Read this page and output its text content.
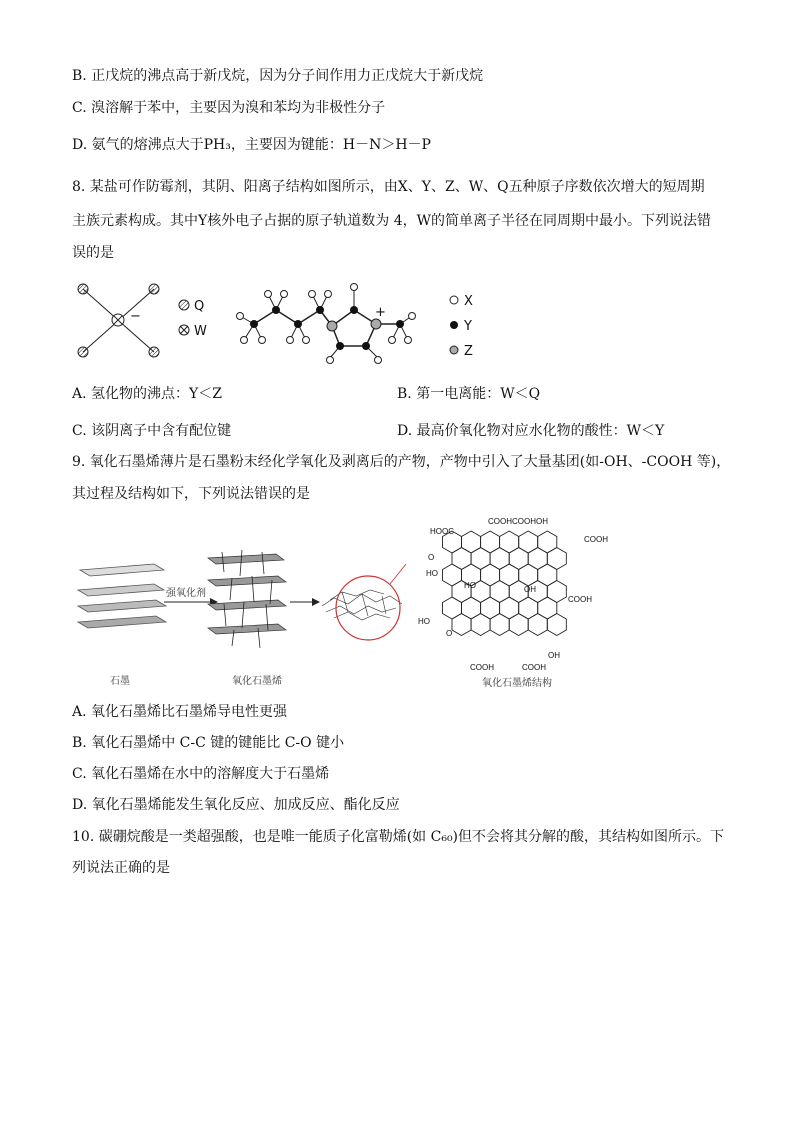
B. 正戊烷的沸点高于新戊烷，因为分子间作用力正戊烷大于新戊烷
C. 溴溶解于苯中，主要因为溴和苯均为非极性分子
D. 氨气的熔沸点大于PH₃，主要因为键能：H－N＞H－P
8. 某盐可作防霉剂，其阴、阳离子结构如图所示，由X、Y、Z、W、Q五种原子序数依次增大的短周期
主族元素构成。其中Y核外电子占据的原子轨道数为 4，W的简单离子半径在同周期中最小。下列说法错
误的是
−
Q
W
+
X
Y
Z
A. 氢化物的沸点：Y＜Z	B. 第一电离能：W＜Q
C. 该阴离子中含有配位键	D. 最高价氧化物对应水化物的酸性：W＜Y
9. 氧化石墨烯薄片是石墨粉末经化学氧化及剥离后的产物，产物中引入了大量基团(如-OH、-COOH 等)，
其过程及结构如下，下列说法错误的是
石墨
强氧化剂
氧化石墨烯
HOOC
COOH COOH OH
COOH
O
HO
HO	OH
COOH
HO
COOH	COOH
OH
O
氧化石墨烯结构
A. 氧化石墨烯比石墨烯导电性更强
B. 氧化石墨烯中 C-C 键的键能比 C-O 键小
C. 氧化石墨烯在水中的溶解度大于石墨烯
D. 氧化石墨烯能发生氧化反应、加成反应、酯化反应
10. 碳硼烷酸是一类超强酸，也是唯一能质子化富勒烯(如 C₆₀)但不会将其分解的酸，其结构如图所示。下
列说法正确的是
